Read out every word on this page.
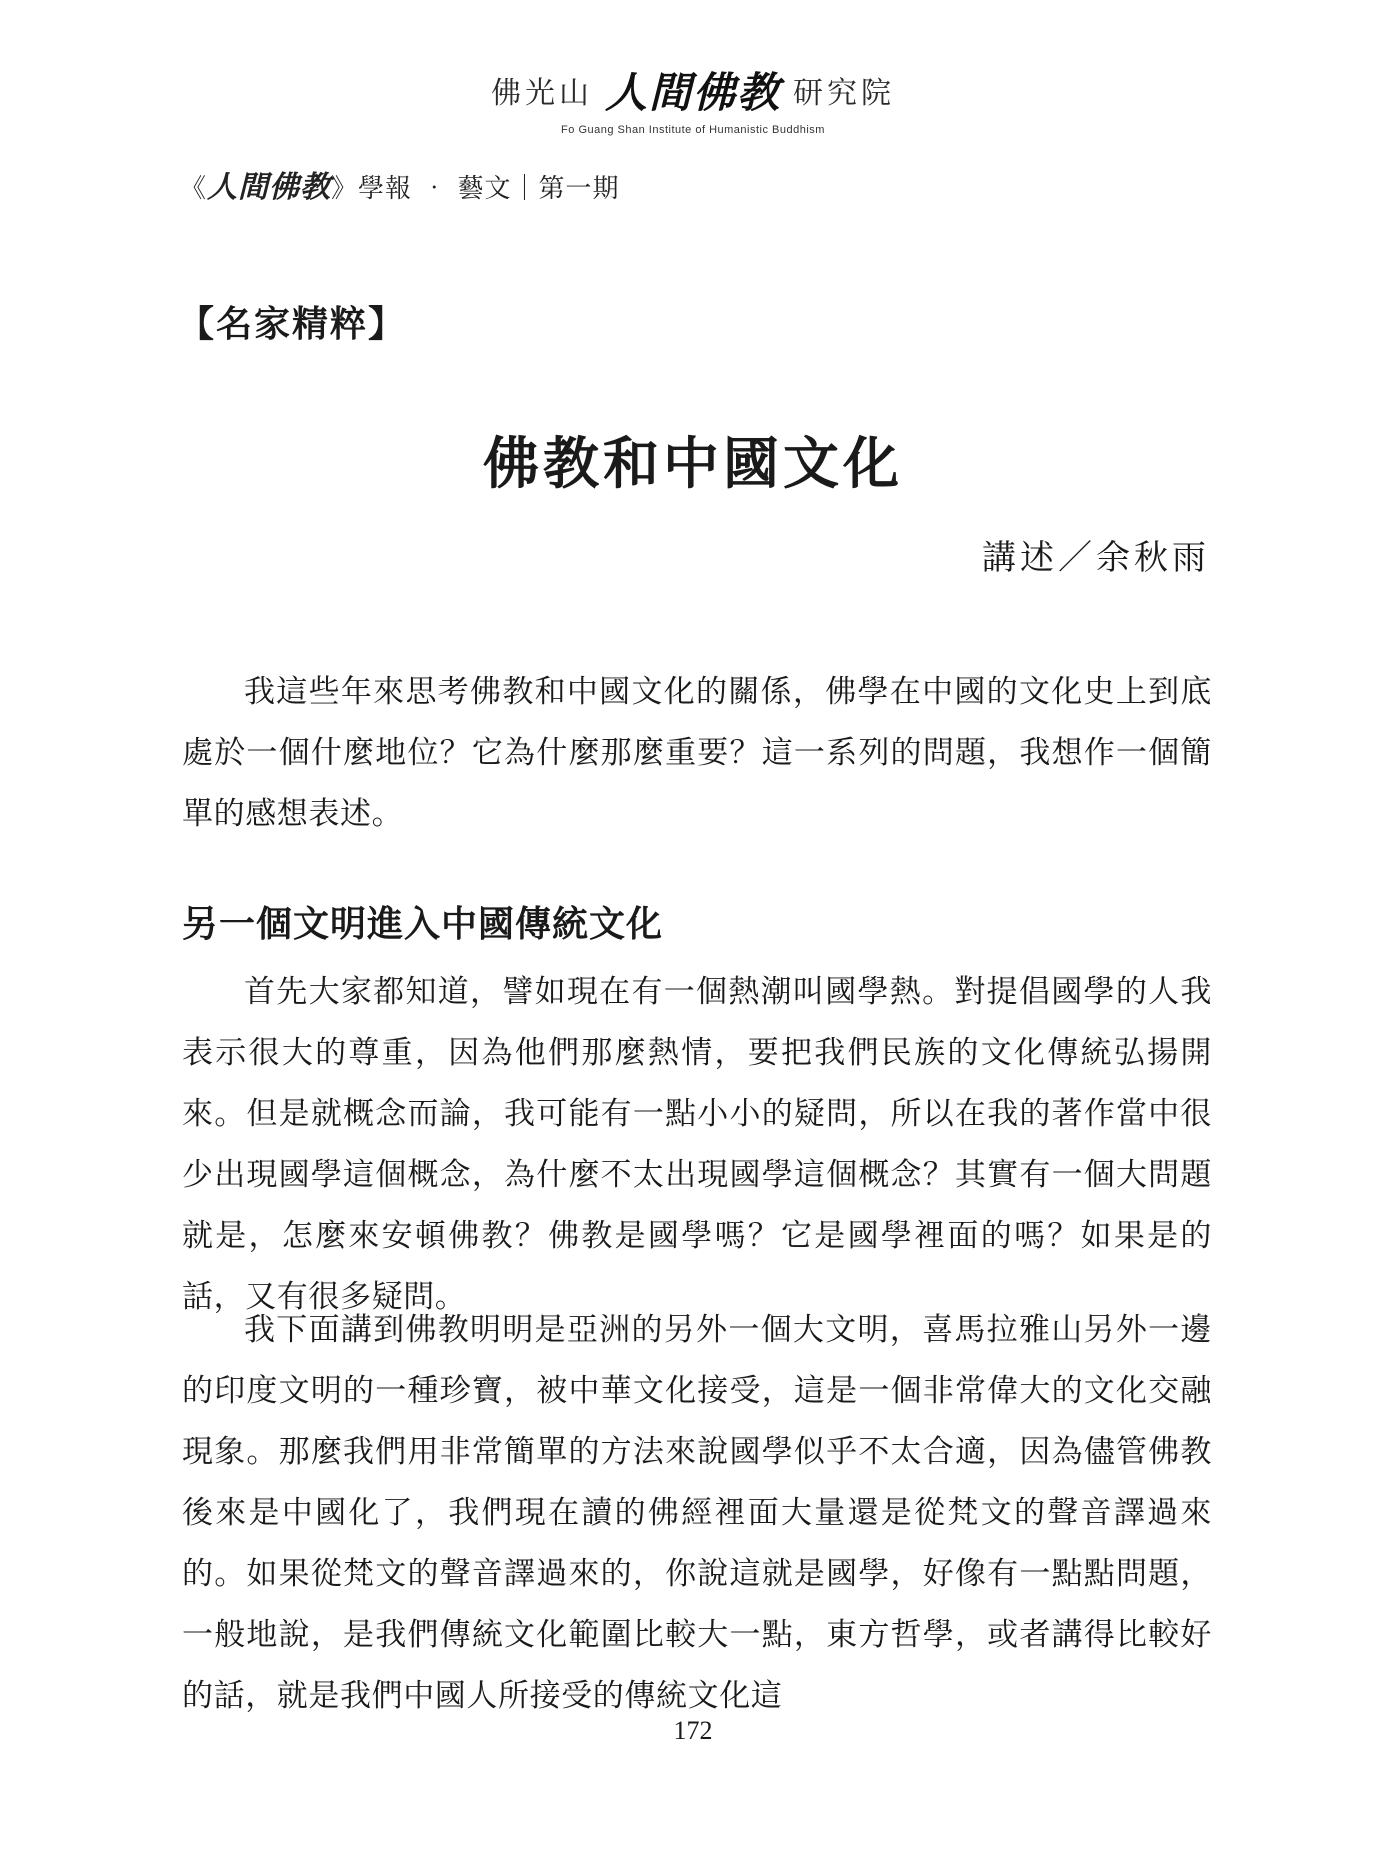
佛光山 人間佛教 研究院
Fo Guang Shan Institute of Humanistic Buddhism
《人間佛教》學報 ‧ 藝文｜第一期
【名家精粹】
佛教和中國文化
講述／余秋雨

我這些年來思考佛教和中國文化的關係，佛學在中國的文化史上到底處於一個什麼地位？它為什麼那麼重要？這一系列的問題，我想作一個簡單的感想表述。

另一個文明進入中國傳統文化

首先大家都知道，譬如現在有一個熱潮叫國學熱。對提倡國學的人我表示很大的尊重，因為他們那麼熱情，要把我們民族的文化傳統弘揚開來。但是就概念而論，我可能有一點小小的疑問，所以在我的著作當中很少出現國學這個概念，為什麼不太出現國學這個概念？其實有一個大問題就是，怎麼來安頓佛教？佛教是國學嗎？它是國學裡面的嗎？如果是的話，又有很多疑問。

我下面講到佛教明明是亞洲的另外一個大文明，喜馬拉雅山另外一邊的印度文明的一種珍寶，被中華文化接受，這是一個非常偉大的文化交融現象。那麼我們用非常簡單的方法來說國學似乎不太合適，因為儘管佛教後來是中國化了，我們現在讀的佛經裡面大量還是從梵文的聲音譯過來的。如果從梵文的聲音譯過來的，你說這就是國學，好像有一點點問題，一般地說，是我們傳統文化範圍比較大一點，東方哲學，或者講得比較好的話，就是我們中國人所接受的傳統文化這

172
